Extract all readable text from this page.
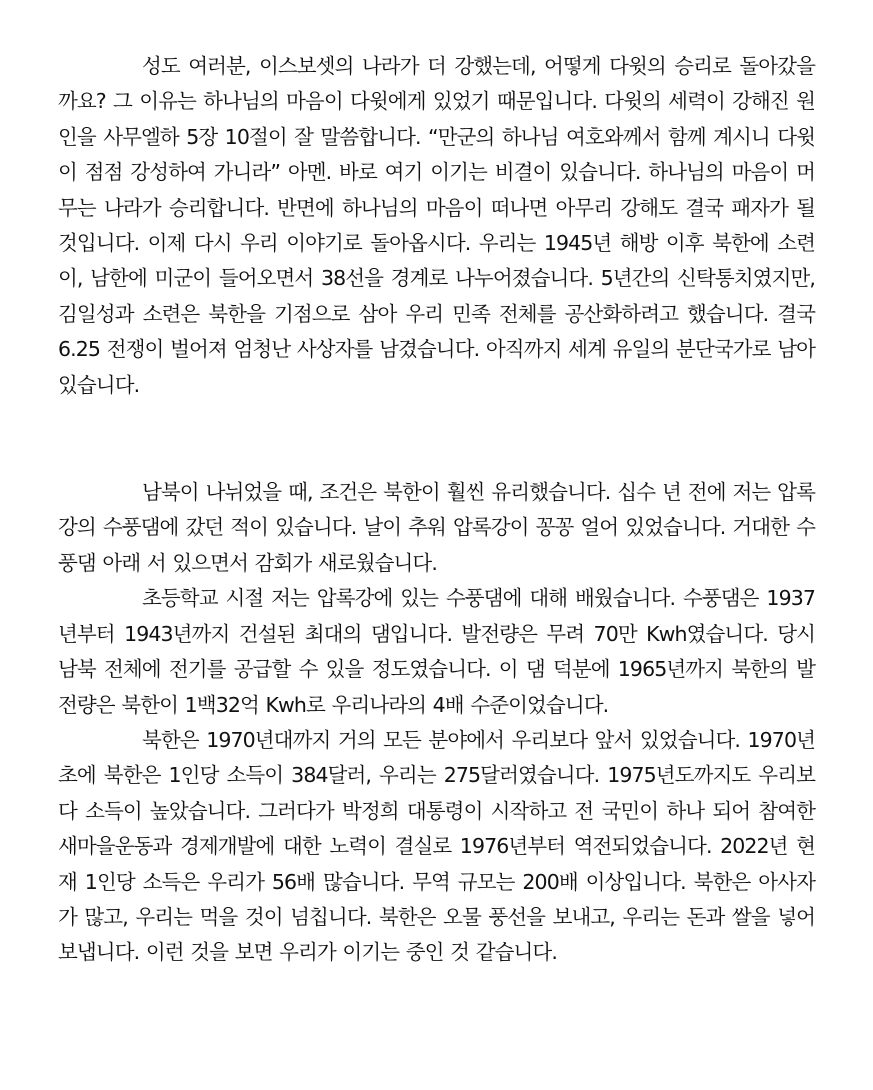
성도 여러분, 이스보셋의 나라가 더 강했는데, 어떻게 다윗의 승리로 돌아갔을까요? 그 이유는 하나님의 마음이 다윗에게 있었기 때문입니다. 다윗의 세력이 강해진 원인을 사무엘하 5장 10절이 잘 말씀합니다. “만군의 하나님 여호와께서 함께 계시니 다윗이 점점 강성하여 가니라” 아멘. 바로 여기 이기는 비결이 있습니다. 하나님의 마음이 머무는 나라가 승리합니다. 반면에 하나님의 마음이 떠나면 아무리 강해도 결국 패자가 될 것입니다. 이제 다시 우리 이야기로 돌아옵시다. 우리는 1945년 해방 이후 북한에 소련이, 남한에 미군이 들어오면서 38선을 경계로 나누어졌습니다. 5년간의 신탁통치였지만, 김일성과 소련은 북한을 기점으로 삼아 우리 민족 전체를 공산화하려고 했습니다. 결국 6.25 전쟁이 벌어져 엄청난 사상자를 남겼습니다. 아직까지 세계 유일의 분단국가로 남아 있습니다.

남북이 나뉘었을 때, 조건은 북한이 훨씬 유리했습니다. 십수 년 전에 저는 압록강의 수풍댐에 갔던 적이 있습니다. 날이 추워 압록강이 꽁꽁 얼어 있었습니다. 거대한 수풍댐 아래 서 있으면서 감회가 새로웠습니다.

초등학교 시절 저는 압록강에 있는 수풍댐에 대해 배웠습니다. 수풍댐은 1937년부터 1943년까지 건설된 최대의 댐입니다. 발전량은 무려 70만 Kwh였습니다. 당시 남북 전체에 전기를 공급할 수 있을 정도였습니다. 이 댐 덕분에 1965년까지 북한의 발전량은 북한이 1백32억 Kwh로 우리나라의 4배 수준이었습니다.

북한은 1970년대까지 거의 모든 분야에서 우리보다 앞서 있었습니다. 1970년 초에 북한은 1인당 소득이 384달러, 우리는 275달러였습니다. 1975년도까지도 우리보다 소득이 높았습니다. 그러다가 박정희 대통령이 시작하고 전 국민이 하나 되어 참여한 새마을운동과 경제개발에 대한 노력이 결실로 1976년부터 역전되었습니다. 2022년 현재 1인당 소득은 우리가 56배 많습니다. 무역 규모는 200배 이상입니다. 북한은 아사자가 많고, 우리는 먹을 것이 넘칩니다. 북한은 오물 풍선을 보내고, 우리는 돈과 쌀을 넣어 보냅니다. 이런 것을 보면 우리가 이기는 중인 것 같습니다.
